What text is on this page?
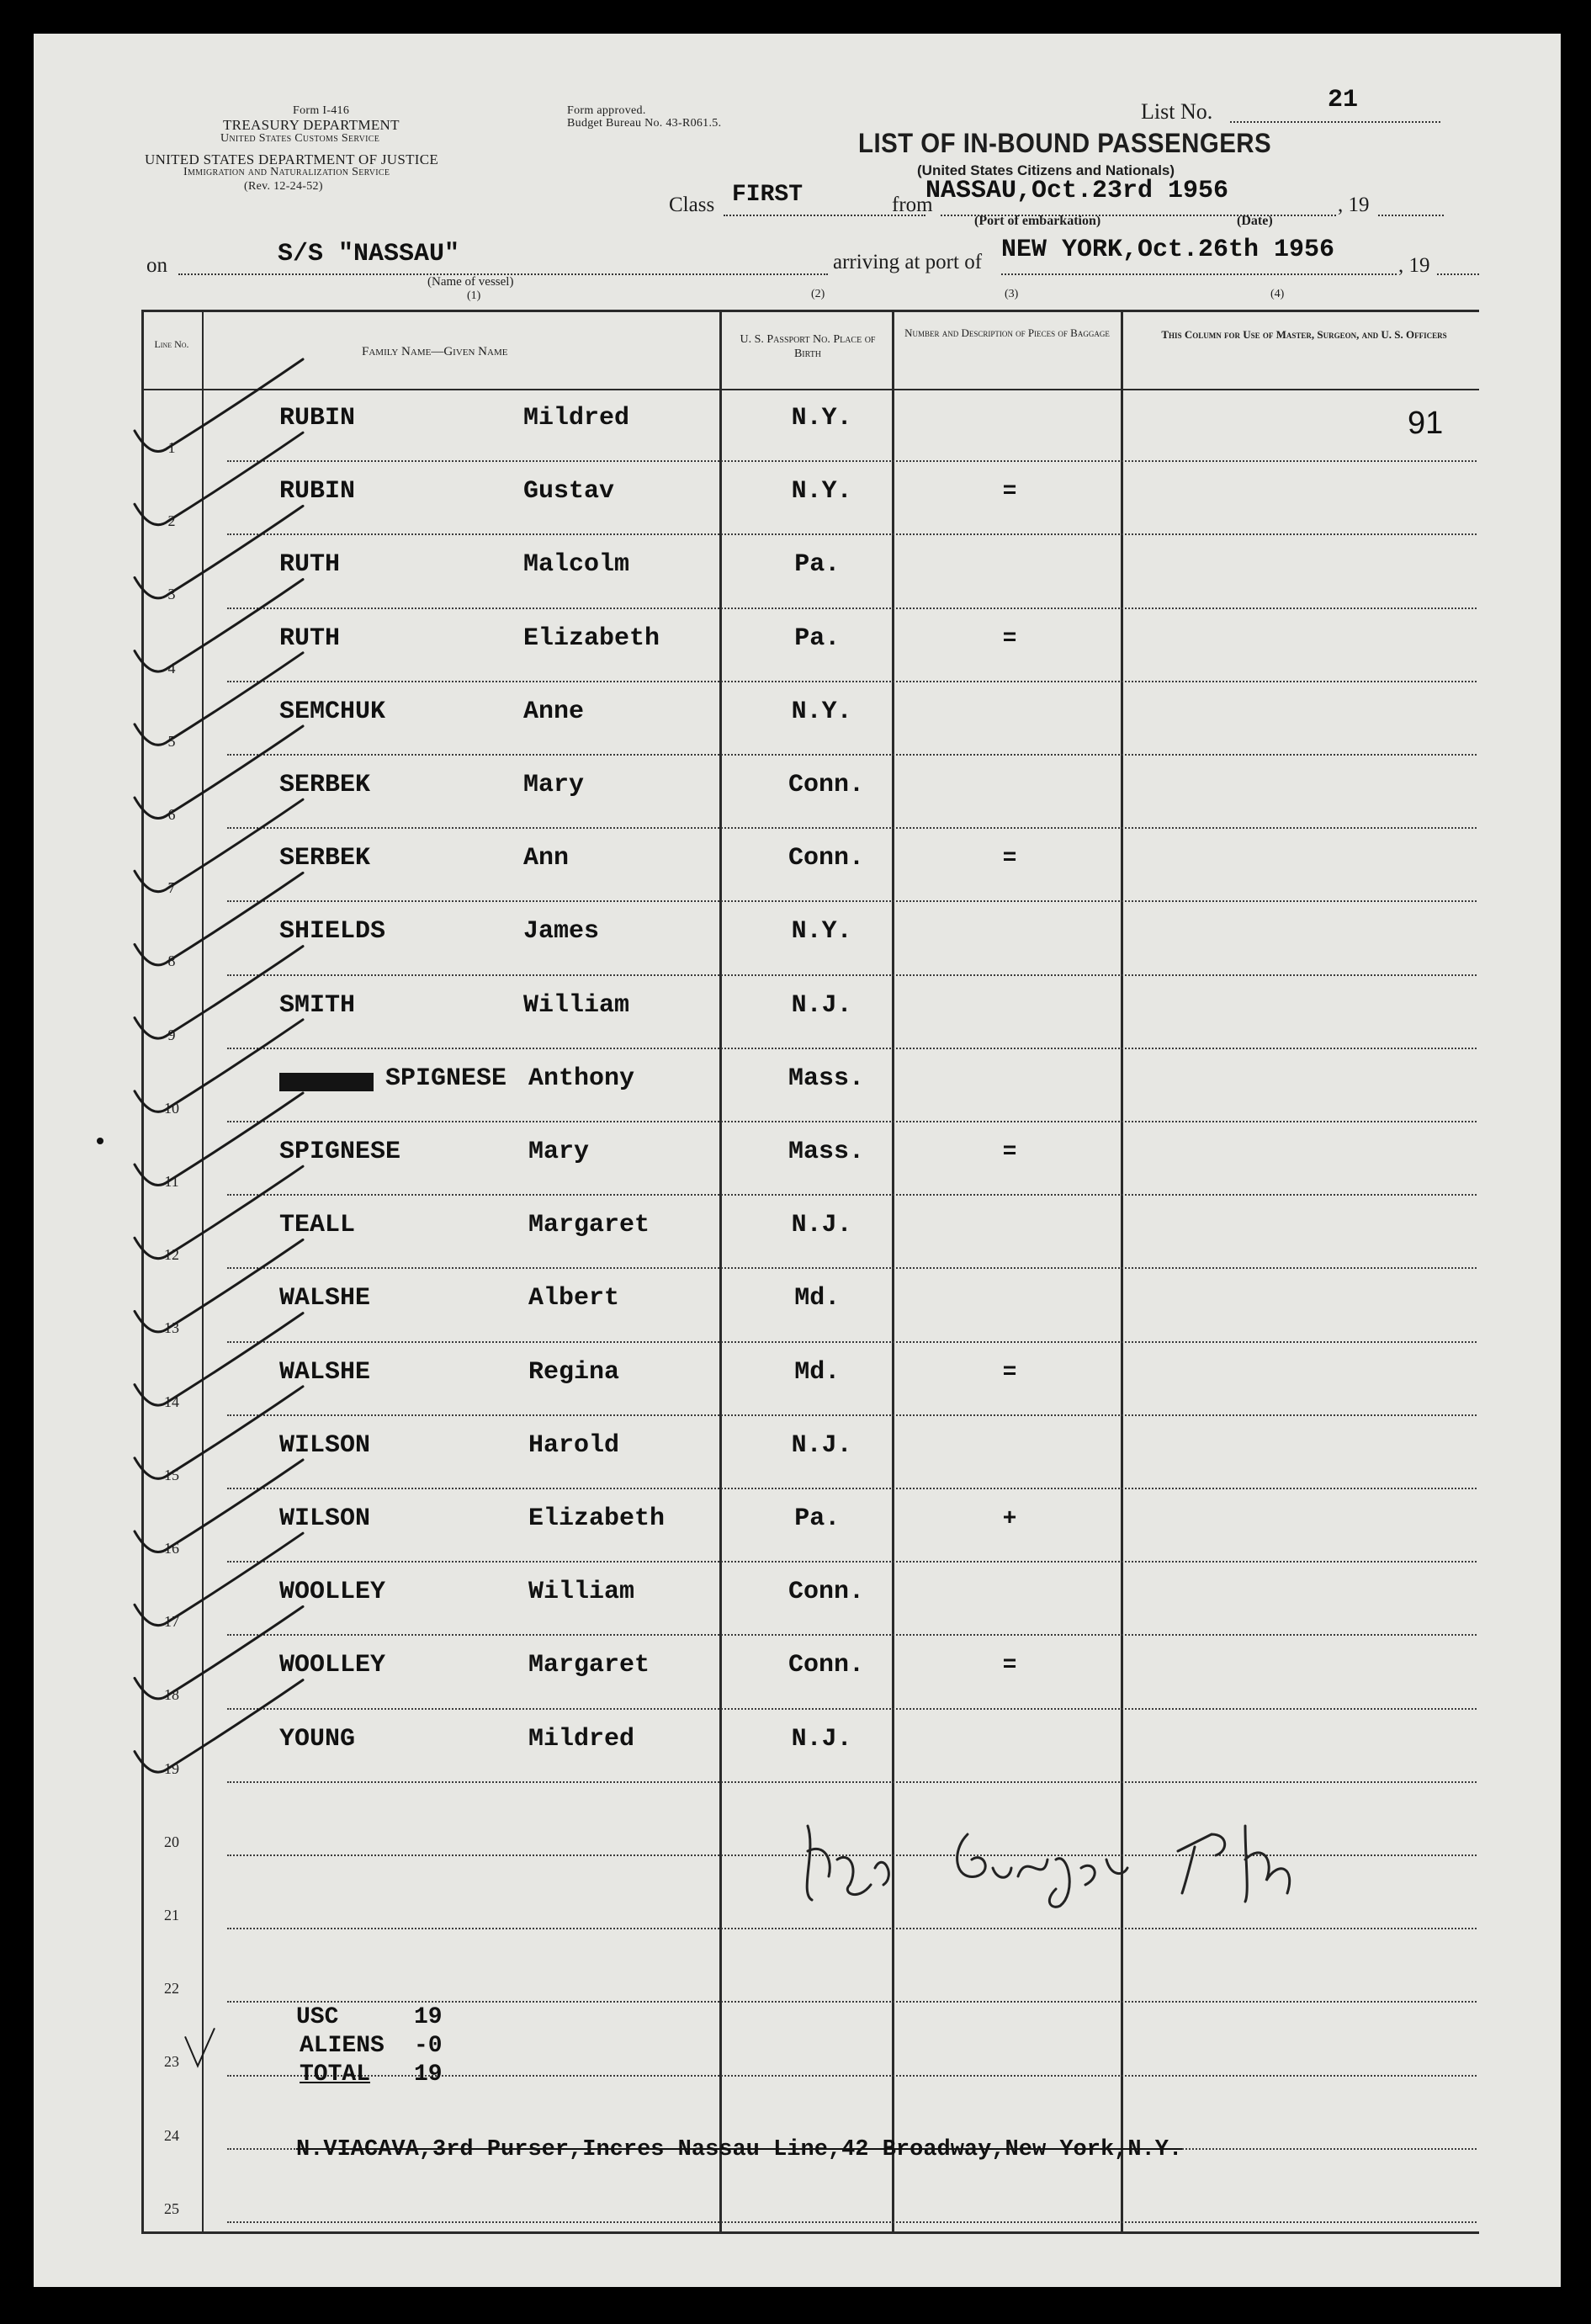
Form I-416
TREASURY DEPARTMENT
United States Customs Service
UNITED STATES DEPARTMENT OF JUSTICE
Immigration and Naturalization Service
(Rev. 12-24-52)
Form approved.
Budget Bureau No. 43-R061.5.	List No.	21
LIST OF IN-BOUND PASSENGERS
(United States Citizens and Nationals)
Class FIRST	from
NASSAU,Oct.23rd 1956	, 19
(Port of embarkation)	(Date)
on	S/S "NASSAU"
(Name of vessel)
(1)
arriving at port of NEW YORK,Oct.26th 1956
, 19
(2)	(3)	(4)
Line No.
Family Name—Given Name
U. S. Passport No. Place of Birth
Number and Description of Pieces of Baggage	This Column for Use of Master, Surgeon, and U. S. Officers
91
1
RUBIN	Mildred	N.Y.
2
RUBIN	Gustav	N.Y.	=
3
RUTH	Malcolm	Pa.
4
RUTH	Elizabeth	Pa.	=
5
SEMCHUK	Anne	N.Y.
6
SERBEK	Mary	Conn.
7
SERBEK	Ann	Conn.	=
8
SHIELDS	James	N.Y.
9
SMITH	William	N.J.
10
SPIGNESE Anthony	Mass.
11
SPIGNESE	Mary	Mass.	=
12
TEALL	Margaret	N.J.
13
WALSHE	Albert	Md.
14
WALSHE	Regina	Md.	=
15
WILSON	Harold	N.J.
16
WILSON	Elizabeth	Pa.	+
17
WOOLLEY	William	Conn.
18
WOOLLEY	Margaret	Conn.	=
19
YOUNG	Mildred	N.J.
20
21
22
23
24
25
USC	19
ALIENS -0
TOTAL 19
N.VIACAVA,3rd Purser,Incres Nassau Line,42 Broadway,New York,N.Y.
